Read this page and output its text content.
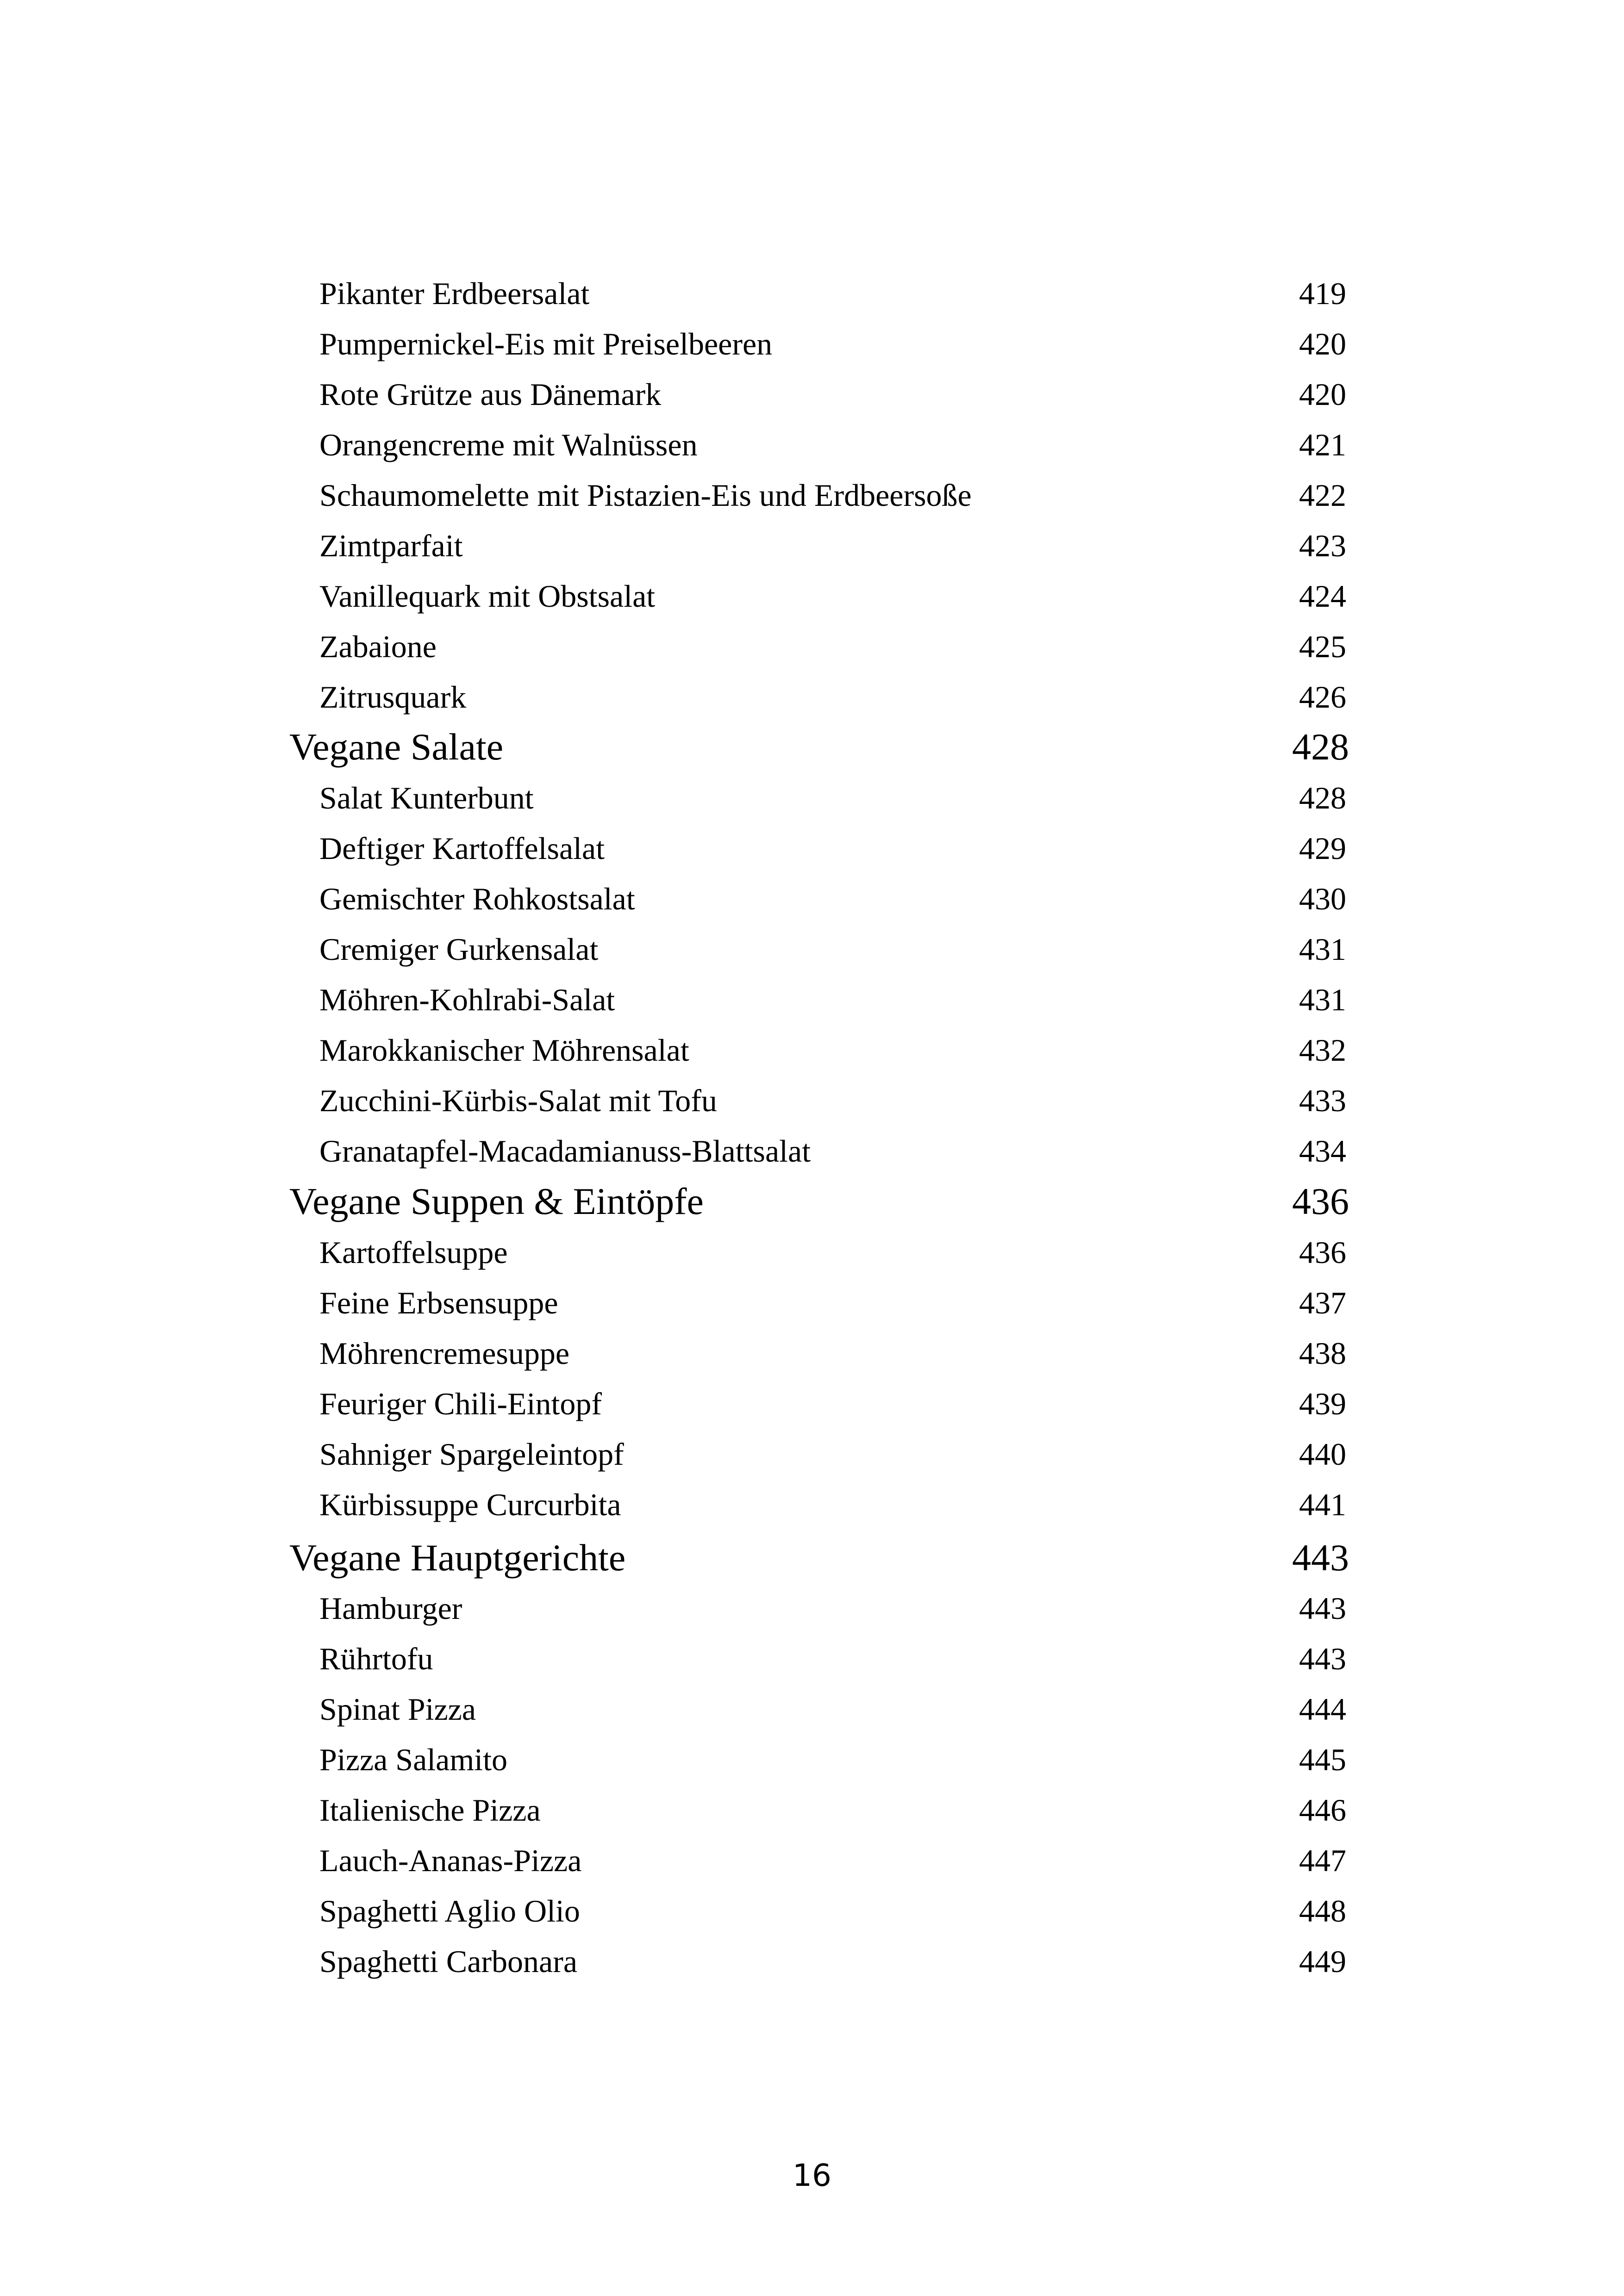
Pikanter Erdbeersalat	419
Pumpernickel-Eis mit Preiselbeeren	420
Rote Grütze aus Dänemark	420
Orangencreme mit Walnüssen	421
Schaumomelette mit Pistazien-Eis und Erdbeersoße	422
Zimtparfait	423
Vanillequark mit Obstsalat	424
Zabaione	425
Zitrusquark	426
Vegane Salate	428
Salat Kunterbunt	428
Deftiger Kartoffelsalat	429
Gemischter Rohkostsalat	430
Cremiger Gurkensalat	431
Möhren-Kohlrabi-Salat	431
Marokkanischer Möhrensalat	432
Zucchini-Kürbis-Salat mit Tofu	433
Granatapfel-Macadamianuss-Blattsalat	434
Vegane Suppen & Eintöpfe	436
Kartoffelsuppe	436
Feine Erbsensuppe	437
Möhrencremesuppe	438
Feuriger Chili-Eintopf	439
Sahniger Spargeleintopf	440
Kürbissuppe Curcurbita	441
Vegane Hauptgerichte	443
Hamburger	443
Rührtofu	443
Spinat Pizza	444
Pizza Salamito	445
Italienische Pizza	446
Lauch-Ananas-Pizza	447
Spaghetti Aglio Olio	448
Spaghetti Carbonara	449
16
